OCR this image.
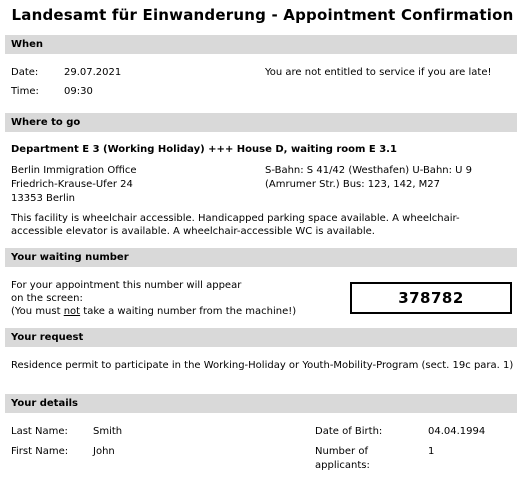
Landesamt für Einwanderung - Appointment Confirmation
When
Date:	29.07.2021	You are not entitled to service if you are late!
Time:	09:30
Where to go
Department E 3 (Working Holiday) +++ House D, waiting room E 3.1
Berlin Immigration Office
Friedrich-Krause-Ufer 24
13353 Berlin
S-Bahn: S 41/42 (Westhafen) U-Bahn: U 9
(Amrumer Str.) Bus: 123, 142, M27
This facility is wheelchair accessible. Handicapped parking space available. A wheelchair-accessible elevator is available. A wheelchair-accessible WC is available.
Your waiting number
For your appointment this number will appear
on the screen:
(You must not take a waiting number from the machine!)
378782
Your request
Residence permit to participate in the Working-Holiday or Youth-Mobility-Program (sect. 19c para. 1)
Your details
Last Name:	Smith	Date of Birth:	04.04.1994
First Name: John	Number of
applicants:
1
